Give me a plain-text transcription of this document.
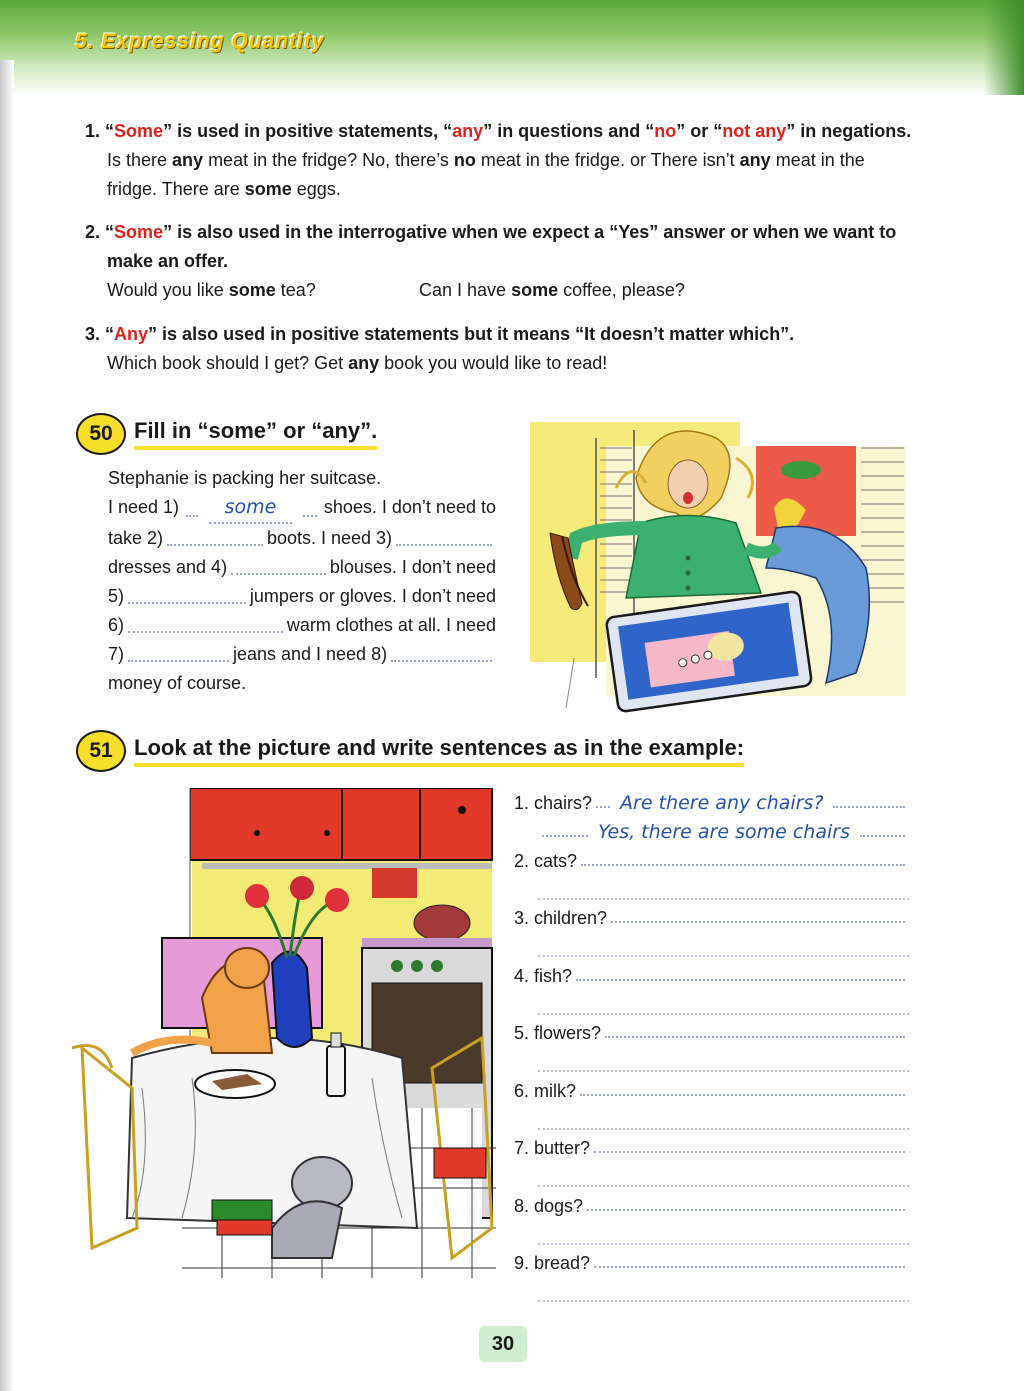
5. Expressing Quantity
1. “Some” is used in positive statements, “any” in questions and “no” or “not any” in negations.
Is there any meat in the fridge? No, there’s no meat in the fridge. or There isn’t any meat in the
fridge. There are some eggs.
2. “Some” is also used in the interrogative when we expect a “Yes” answer or when we want to
make an offer.
Would you like some tea?	Can I have some coffee, please?
3. “Any” is also used in positive statements but it means “It doesn’t matter which”.
Which book should I get? Get any book you would like to read!
50 Fill in “some” or “any”.
Stephanie is packing her suitcase.
I need 1)	some	shoes. I don’t need to
take 2)	boots. I need 3)
dresses and 4)	blouses. I don’t need
5)	jumpers or gloves. I don’t need
6)	warm clothes at all. I need
7)	jeans and I need 8)
money of course.
51 Look at the picture and write sentences as in the example:
1. chairs?	Are there any chairs?
Yes, there are some chairs
2. cats?
3. children?
4. fish?
5. flowers?
6. milk?
7. butter?
8. dogs?
9. bread?
30
